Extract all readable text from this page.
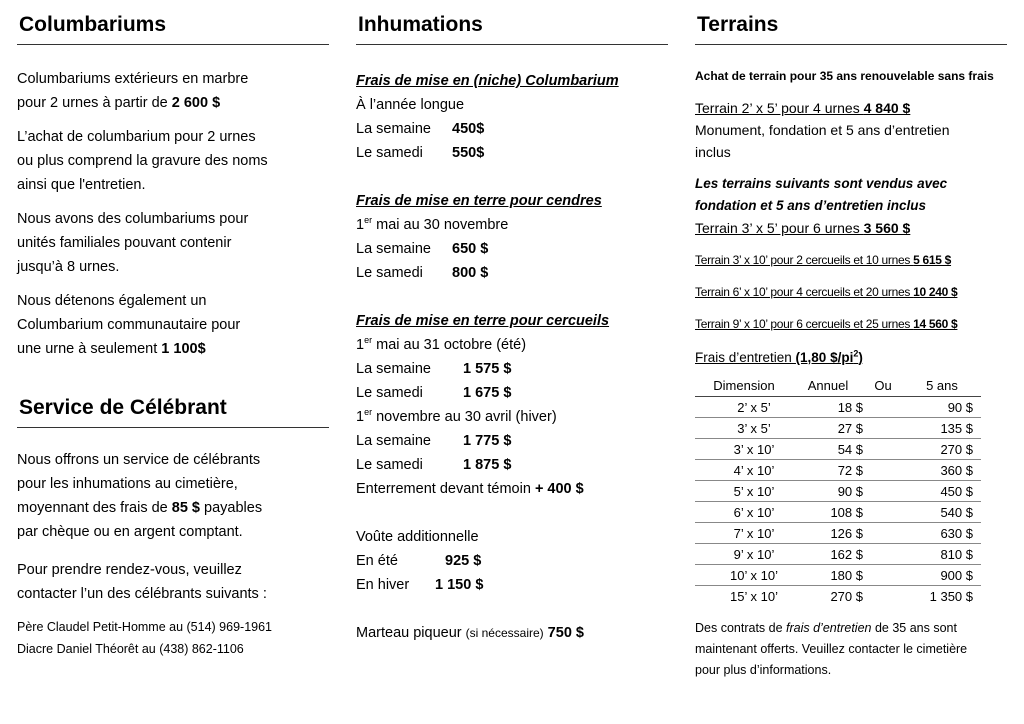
Columbariums

Columbariums extérieurs en marbre
pour 2 urnes à partir de 2 600 $

L’achat de columbarium pour 2 urnes
ou plus comprend la gravure des noms
ainsi que l'entretien.

Nous avons des columbariums pour
unités familiales pouvant contenir
jusqu’à 8 urnes.

Nous détenons également un
Columbarium communautaire pour
une urne à seulement 1 100$

Service de Célébrant

Nous offrons un service de célébrants
pour les inhumations au cimetière,
moyennant des frais de 85 $ payables
par chèque ou en argent comptant.

Pour prendre rendez-vous, veuillez
contacter l’un des célébrants suivants :

Père Claudel Petit-Homme au (514) 969-1961
Diacre Daniel Théorêt au (438) 862-1106

Inhumations

Frais de mise en (niche) Columbarium

À l’année longue

La semaine 450$

Le samedi 550$

Frais de mise en terre pour cendres

1er mai au 30 novembre

La semaine 650 $

Le samedi 800 $

Frais de mise en terre pour cercueils

1er mai au 31 octobre (été)

La semaine 1 575 $

Le samedi	1 675 $

1er novembre au 30 avril (hiver)

La semaine 1 775 $

Le samedi	1 875 $

Enterrement devant témoin + 400 $

Voûte additionnelle

En été	925 $

En hiver 1 150 $

Marteau piqueur (si nécessaire) 750 $

Terrains

Achat de terrain pour 35 ans renouvelable sans frais

Terrain 2’ x 5’ pour 4 urnes 4 840 $

Monument, fondation et 5 ans d’entretien
inclus

Les terrains suivants sont vendus avec
fondation et 5 ans d’entretien inclus

Terrain 3’ x 5’ pour 6 urnes 3 560 $

Terrain 3’ x 10’ pour 2 cercueils et 10 urnes 5 615 $

Terrain 6’ x 10’ pour 4 cercueils et 20 urnes 10 240 $

Terrain 9’ x 10’ pour 6 cercueils et 25 urnes 14 560 $

Frais d’entretien (1,80 $\$/pi^2$)

Dimension	Annuel	Ou	5 ans
2’ x 5’	18 $		90 $
3’ x 5’	27 $		135 $
3’ x 10’	54 $		270 $
4’ x 10’	72 $		360 $
5’ x 10’	90 $		450 $
6’ x 10’	108 $		540 $
7’ x 10’	126 $		630 $
9’ x 10’	162 $		810 $
10’ x 10’	180 $		900 $
15’ x 10’	270 $		1 350 $

Des contrats de frais d’entretien de 35 ans sont
maintenant offerts. Veuillez contacter le cimetière
pour plus d’informations.
